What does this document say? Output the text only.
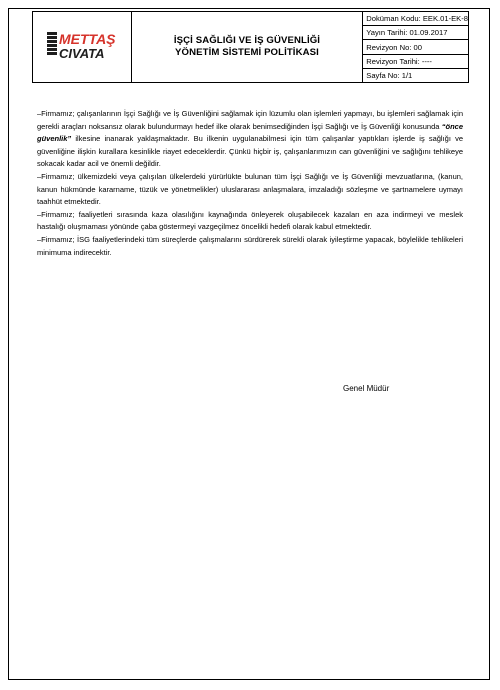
METTAŞ
CIVATA
İŞÇİ SAĞLIĞI VE İŞ GÜVENLİĞİ
YÖNETİM SİSTEMİ POLİTİKASI
Doküman Kodu: EEK.01-EK-8
Yayın Tarihi: 01.09.2017
Revizyon No: 00
Revizyon Tarihi: ----
Sayfa No: 1/1

–Firmamız; çalışanlarının İşçi Sağlığı ve İş Güvenliğini sağlamak için lüzumlu olan işlemleri yapmayı, bu işlemleri sağlamak için gerekli araçları noksansız olarak bulundurmayı hedef ilke olarak benimsediğinden İşçi Sağlığı ve İş Güvenliği konusunda “önce güvenlik” ilkesine inanarak yaklaşmaktadır. Bu ilkenin uygulanabilmesi için tüm çalışanlar yaptıkları işlerde iş sağlığı ve güvenliğine ilişkin kurallara kesinlikle riayet edeceklerdir. Çünkü hiçbir iş, çalışanlarımızın can güvenliğini ve sağlığını tehlikeye sokacak kadar acil ve önemli değildir.

–Firmamız; ülkemizdeki veya çalışılan ülkelerdeki yürürlükte bulunan tüm İşçi Sağlığı ve İş Güvenliği mevzuatlarına, (kanun, kanun hükmünde kararname, tüzük ve yönetmelikler) uluslararası anlaşmalara, imzaladığı sözleşme ve şartnamelere uymayı taahhüt etmektedir.

–Firmamız; faaliyetleri sırasında kaza olasılığını kaynağında önleyerek oluşabilecek kazaları en aza indirmeyi ve meslek hastalığı oluşmaması yönünde çaba göstermeyi vazgeçilmez öncelikli hedefi olarak kabul etmektedir.

–Firmamız; İSG faaliyetlerindeki tüm süreçlerde çalışmalarını sürdürerek sürekli olarak iyileştirme yapacak, böylelikle tehlikeleri minimuma indirecektir.

Genel Müdür
